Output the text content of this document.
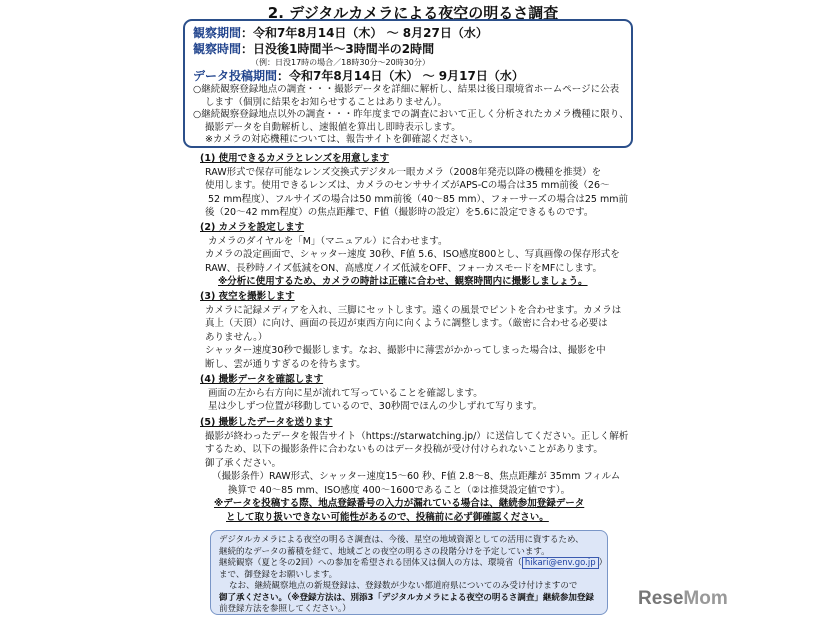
2. デジタルカメラによる夜空の明るさ調査
観察期間：令和7年8月14日（木） ～ 8月27日（水）
観察時間：日没後1時間半～3時間半の2時間
（例：日没17時の場合／18時30分～20時30分）
データ投稿期間：令和7年8月14日（木） ～ 9月17日（水）
○継続観察登録地点の調査・・・撮影データを詳細に解析し、結果は後日環境省ホームページに公表
します（個別に結果をお知らせすることはありません）。
○継続観察登録地点以外の調査・・・昨年度までの調査において正しく分析されたカメラ機種に限り、
撮影データを自動解析し、速報値を算出し即時表示します。
※カメラの対応機種については、報告サイトを御確認ください。
(1) 使用できるカメラとレンズを用意します
RAW形式で保存可能なレンズ交換式デジタル一眼カメラ（2008年発売以降の機種を推奨）を
使用します。使用できるレンズは、カメラのセンササイズがAPS-Cの場合は35 mm前後（26～
52 mm程度）、フルサイズの場合は50 mm前後（40～85 mm）、フォーサーズの場合は25 mm前
後（20～42 mm程度）の焦点距離で、F値（撮影時の設定）を5.6に設定できるものです。
(2) カメラを設定します
カメラのダイヤルを「M」（マニュアル）に合わせます。
カメラの設定画面で、シャッター速度 30秒、F値 5.6、ISO感度800とし、写真画像の保存形式を
RAW、長秒時ノイズ低減をON、高感度ノイズ低減をOFF、フォーカスモードをMFにします。
※分析に使用するため、カメラの時計は正確に合わせ、観察時間内に撮影しましょう。
(3) 夜空を撮影します
カメラに記録メディアを入れ、三脚にセットします。遠くの風景でピントを合わせます。カメラは
真上（天頂）に向け、画面の長辺が東西方向に向くように調整します。（厳密に合わせる必要は
ありません。）
シャッター速度30秒で撮影します。なお、撮影中に薄雲がかかってしまった場合は、撮影を中
断し、雲が通りすぎるのを待ちます。
(4) 撮影データを確認します
画面の左から右方向に星が流れて写っていることを確認します。
星は少しずつ位置が移動しているので、30秒間でほんの少しずれて写ります。
(5) 撮影したデータを送ります
撮影が終わったデータを報告サイト（https://starwatching.jp/）に送信してください。正しく解析
するため、以下の撮影条件に合わないものはデータ投稿が受け付けられないことがあります。
御了承ください。
（撮影条件）RAW形式、シャッター速度15～60 秒、F値 2.8～8、焦点距離が 35mm フィルム
換算で 40～85 mm、ISO感度 400～1600であること（②は推奨設定値です）。
※データを投稿する際、地点登録番号の入力が漏れている場合は、継続参加登録データ
として取り扱いできない可能性があるので、投稿前に必ず御確認ください。
デジタルカメラによる夜空の明るさ調査は、今後、星空の地域資源としての活用に資するため、
継続的なデータの蓄積を経て、地域ごとの夜空の明るさの段階分けを予定しています。
継続観察（夏と冬の2回）への参加を希望される団体又は個人の方は、環境省（ hikari@env.go.jp ）
まで、御登録をお願いします。
なお、継続観察地点の新規登録は、登録数が少ない都道府県についてのみ受け付けますので
御了承ください。（※登録方法は、別添3「デジタルカメラによる夜空の明るさ調査」継続参加登録
前登録方法を参照してください。）	ReseMom
